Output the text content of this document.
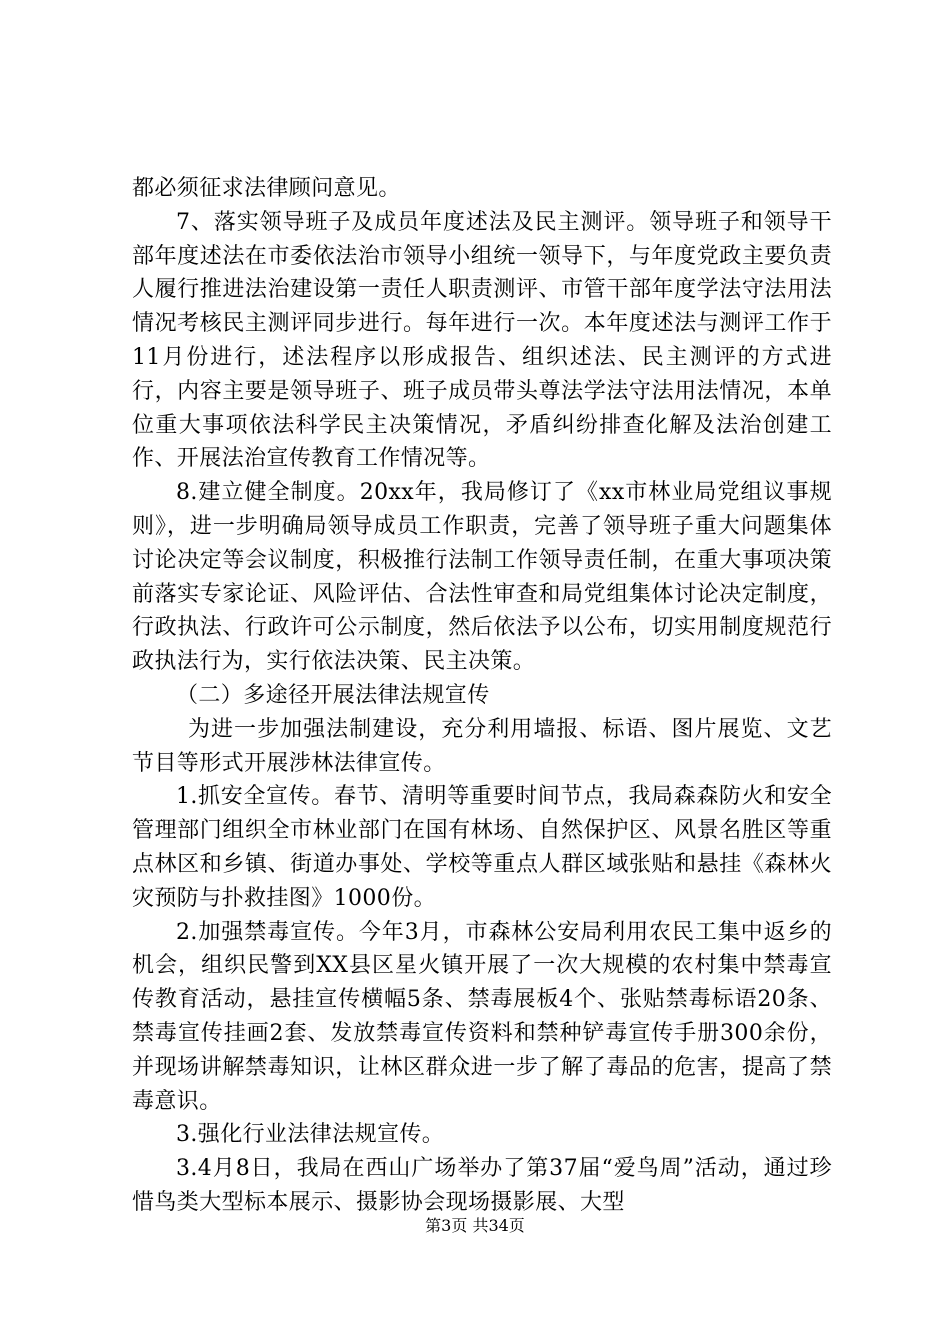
都必须征求法律顾问意见。

7、落实领导班子及成员年度述法及民主测评。领导班子和领导干部年度述法在市委依法治市领导小组统一领导下，与年度党政主要负责人履行推进法治建设第一责任人职责测评、市管干部年度学法守法用法情况考核民主测评同步进行。每年进行一次。本年度述法与测评工作于11月份进行，述法程序以形成报告、组织述法、民主测评的方式进行，内容主要是领导班子、班子成员带头尊法学法守法用法情况，本单位重大事项依法科学民主决策情况，矛盾纠纷排查化解及法治创建工作、开展法治宣传教育工作情况等。

8.建立健全制度。20xx年，我局修订了《xx市林业局党组议事规则》，进一步明确局领导成员工作职责，完善了领导班子重大问题集体讨论决定等会议制度，积极推行法制工作领导责任制，在重大事项决策前落实专家论证、风险评估、合法性审查和局党组集体讨论决定制度，行政执法、行政许可公示制度，然后依法予以公布，切实用制度规范行政执法行为，实行依法决策、民主决策。

（二）多途径开展法律法规宣传

为进一步加强法制建设，充分利用墙报、标语、图片展览、文艺节目等形式开展涉林法律宣传。

1.抓安全宣传。春节、清明等重要时间节点，我局森森防火和安全管理部门组织全市林业部门在国有林场、自然保护区、风景名胜区等重点林区和乡镇、街道办事处、学校等重点人群区域张贴和悬挂《森林火灾预防与扑救挂图》1000份。

2.加强禁毒宣传。今年3月，市森林公安局利用农民工集中返乡的机会，组织民警到XX县区星火镇开展了一次大规模的农村集中禁毒宣传教育活动，悬挂宣传横幅5条、禁毒展板4个、张贴禁毒标语20条、禁毒宣传挂画2套、发放禁毒宣传资料和禁种铲毒宣传手册300余份，并现场讲解禁毒知识，让林区群众进一步了解了毒品的危害，提高了禁毒意识。

3.强化行业法律法规宣传。

3.4月8日，我局在西山广场举办了第37届“爱鸟周”活动，通过珍惜鸟类大型标本展示、摄影协会现场摄影展、大型

第3页 共34页
